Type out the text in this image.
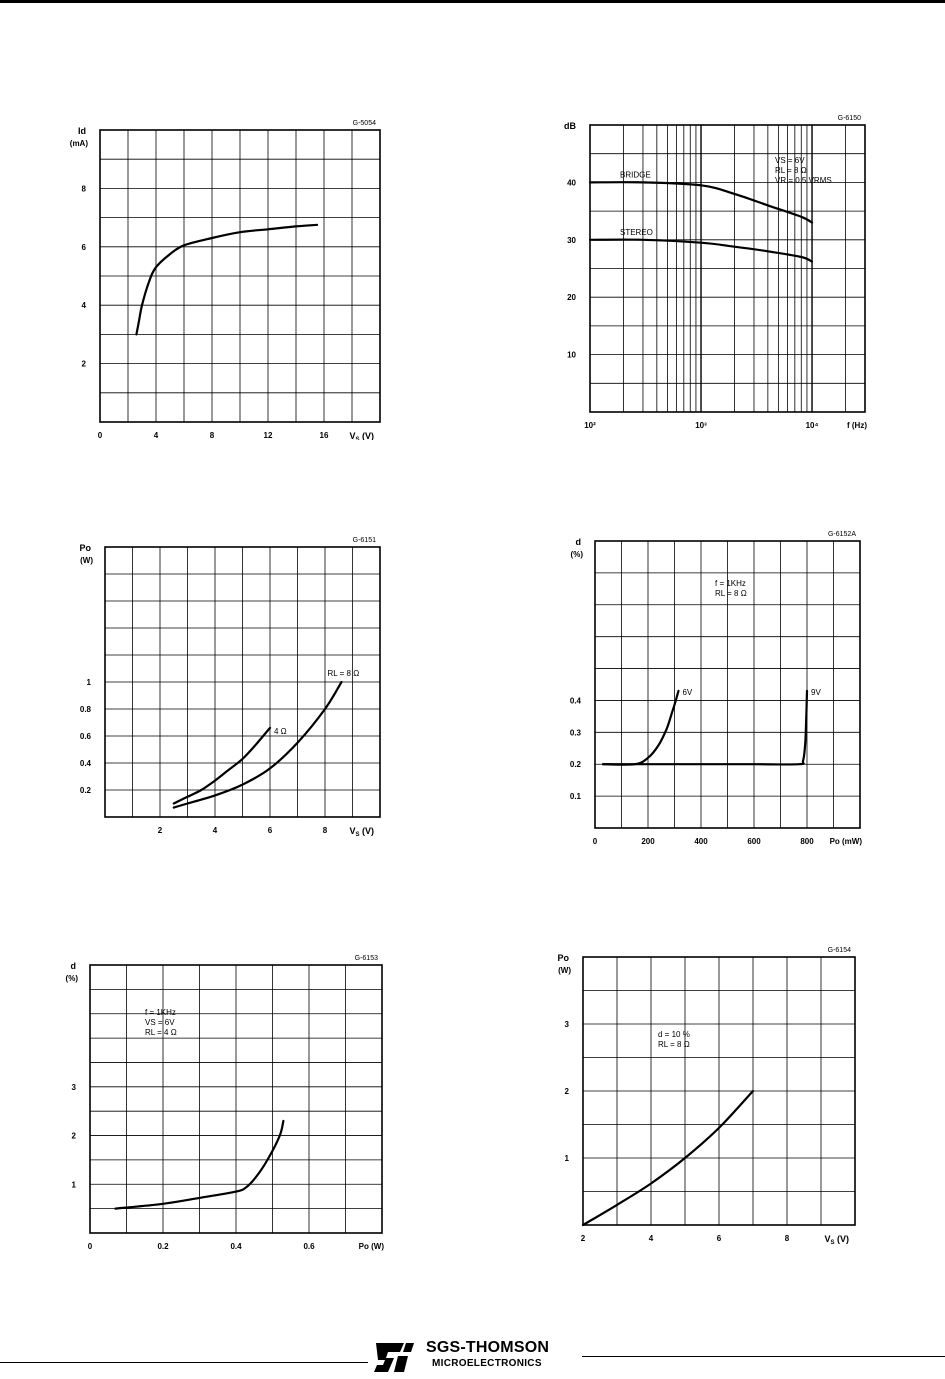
G-5054
Id
(mA)
2
4
6
8
0	4	8	12	16 $V_S$ (V)
G-6150
dB
10
20
30
40
10²	10³	10⁴	f (Hz)
BRIDGE
STEREO
VS = 6V
RL = 8 Ω
VR = 0.5 VRMS
G-6151
Po
(W)
0.2
0.4
0.6
0.8
1
2	4	6	8 $V_S$ (V)
4 Ω
RL = 8 Ω
G-6152A
d
(%)
0.1
0.2
0.3
0.4
0	200	400	600	800 Po (mW)
6V	9V
f = 1KHz
RL = 8 Ω
G-6153
d
(%)
1
2
3
0	0.2	0.4	0.6	Po (W)
f = 1KHz
VS = 6V
RL = 4 Ω
G-6154
Po
(W)
1
2
3
2	4	6	8	$V_S$ (V)
d = 10 %
RL = 8 Ω
SGS-THOMSON
MICROELECTRONICS
